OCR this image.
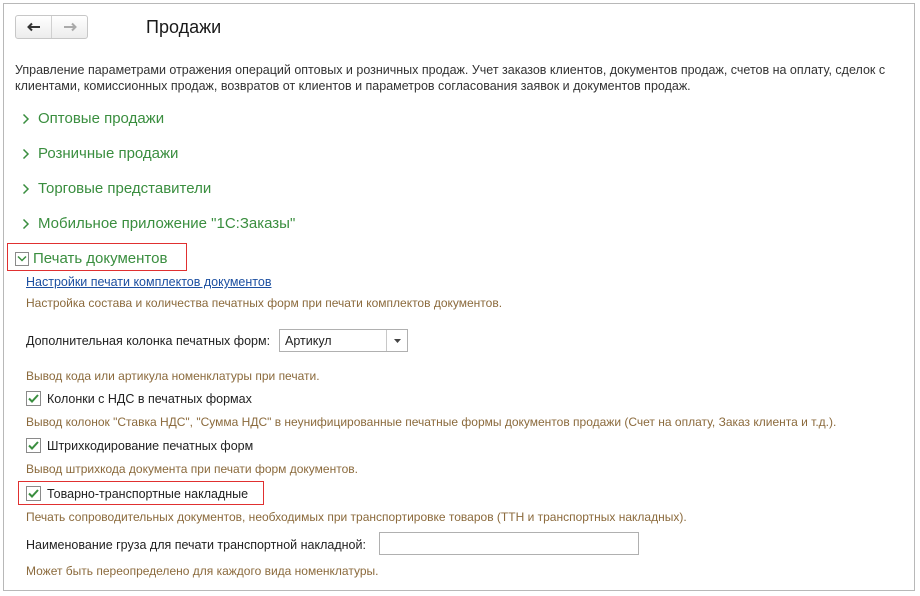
Продажи
Управление параметрами отражения операций оптовых и розничных продаж. Учет заказов клиентов, документов продаж, счетов на оплату, сделок с клиентами, комиссионных продаж, возвратов от клиентов и параметров согласования заявок и документов продаж.
Оптовые продажи
Розничные продажи
Торговые представители
Мобильное приложение "1С:Заказы"
Печать документов
Настройки печати комплектов документов
Настройка состава и количества печатных форм при печати комплектов документов.
Дополнительная колонка печатных форм:	Артикул
Вывод кода или артикула номенклатуры при печати.
Колонки с НДС в печатных формах
Вывод колонок "Ставка НДС", "Сумма НДС" в неунифицированные печатные формы документов продажи (Счет на оплату, Заказ клиента и т.д.).
Штрихкодирование печатных форм
Вывод штрихкода документа при печати форм документов.
Товарно-транспортные накладные
Печать сопроводительных документов, необходимых при транспортировке товаров (ТТН и транспортных накладных).
Наименование груза для печати транспортной накладной:
Может быть переопределено для каждого вида номенклатуры.
